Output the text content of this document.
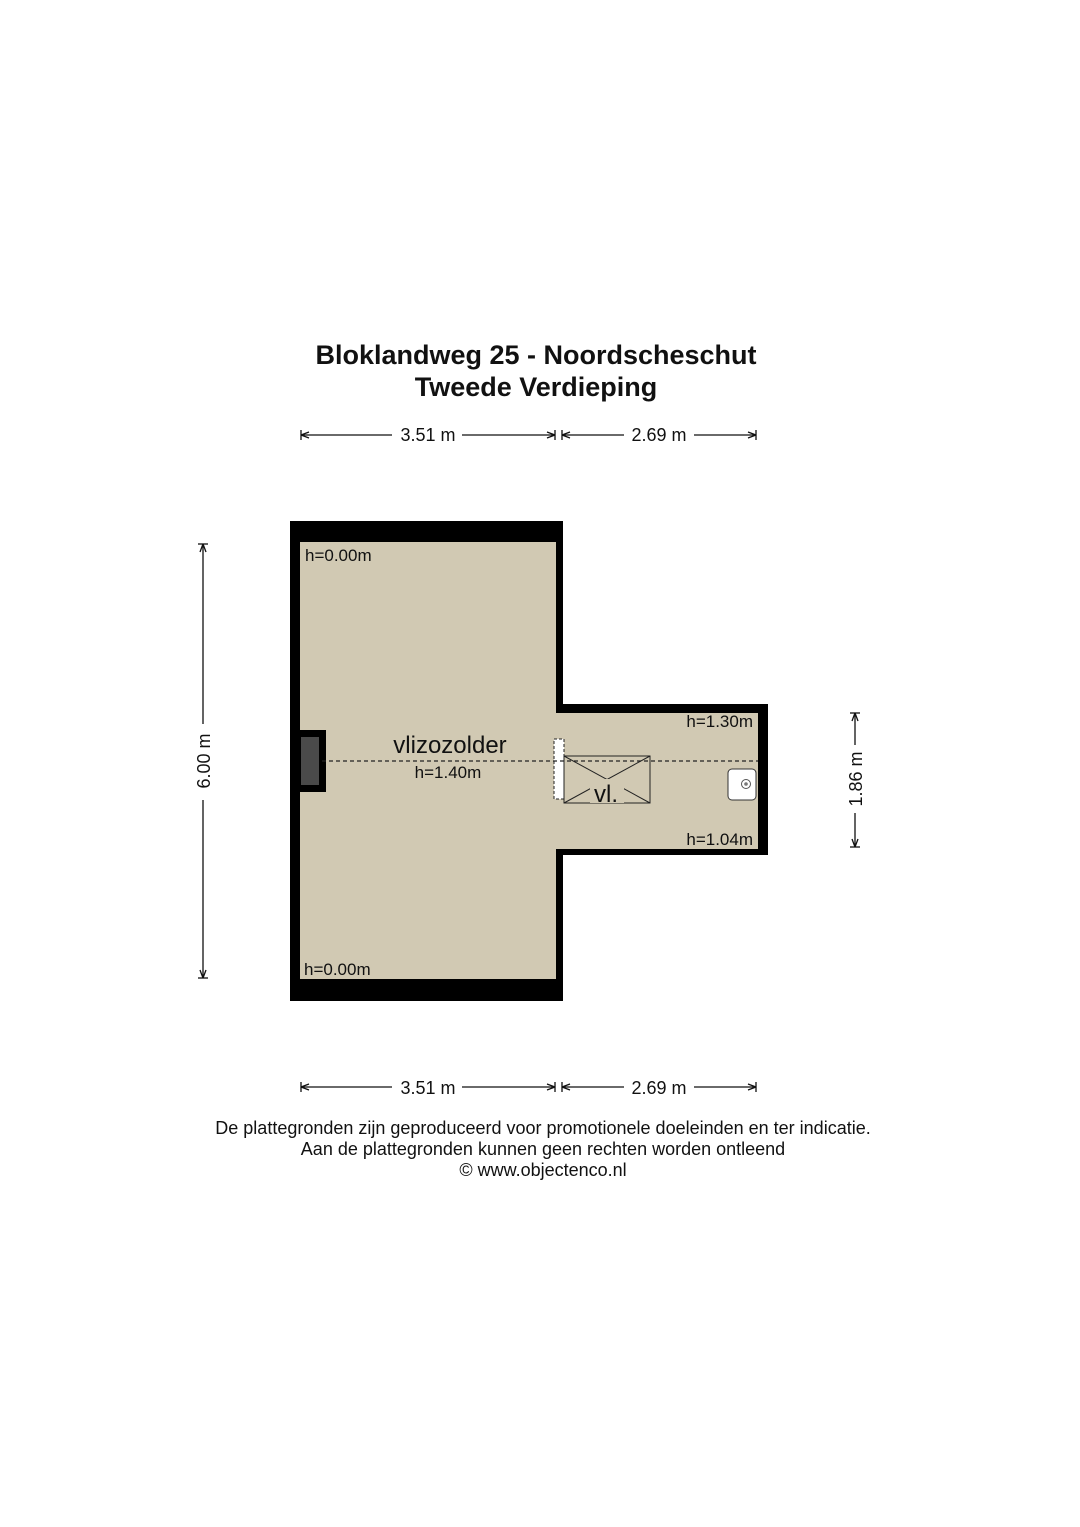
Bloklandweg 25 - Noordscheschut
Tweede Verdieping
3.51 m	2.69 m
6.00 m	1.86 m
vl.
vlizozolder
h=1.40m
h=0.00m
h=0.00m
h=1.30m
h=1.04m
3.51 m	2.69 m
De plattegronden zijn geproduceerd voor promotionele doeleinden en ter indicatie.
Aan de plattegronden kunnen geen rechten worden ontleend
© www.objectenco.nl
